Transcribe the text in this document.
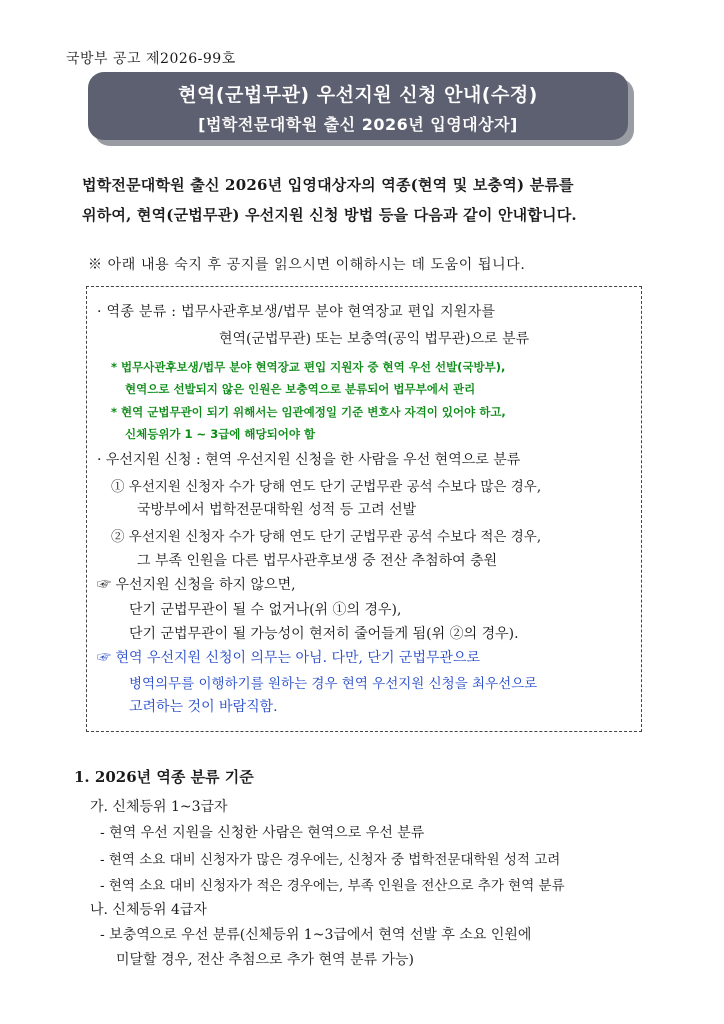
국방부 공고 제2026-99호
현역(군법무관) 우선지원 신청 안내(수정)
[법학전문대학원 출신 2026년 입영대상자]
법학전문대학원 출신 2026년 입영대상자의 역종(현역 및 보충역) 분류를
위하여, 현역(군법무관) 우선지원 신청 방법 등을 다음과 같이 안내합니다.
※ 아래 내용 숙지 후 공지를 읽으시면 이해하시는 데 도움이 됩니다.
· 역종 분류 : 법무사관후보생/법무 분야 현역장교 편입 지원자를
현역(군법무관) 또는 보충역(공익 법무관)으로 분류
* 법무사관후보생/법무 분야 현역장교 편입 지원자 중 현역 우선 선발(국방부),
현역으로 선발되지 않은 인원은 보충역으로 분류되어 법무부에서 관리
* 현역 군법무관이 되기 위해서는 임관예정일 기준 변호사 자격이 있어야 하고,
신체등위가 1 ~ 3급에 해당되어야 함
· 우선지원 신청 : 현역 우선지원 신청을 한 사람을 우선 현역으로 분류
① 우선지원 신청자 수가 당해 연도 단기 군법무관 공석 수보다 많은 경우,
국방부에서 법학전문대학원 성적 등 고려 선발
② 우선지원 신청자 수가 당해 연도 단기 군법무관 공석 수보다 적은 경우,
그 부족 인원을 다른 법무사관후보생 중 전산 추첨하여 충원
☞ 우선지원 신청을 하지 않으면,
단기 군법무관이 될 수 없거나(위 ①의 경우),
단기 군법무관이 될 가능성이 현저히 줄어들게 됨(위 ②의 경우).
☞ 현역 우선지원 신청이 의무는 아님. 다만, 단기 군법무관으로
병역의무를 이행하기를 원하는 경우 현역 우선지원 신청을 최우선으로
고려하는 것이 바람직함.
1. 2026년 역종 분류 기준
가. 신체등위 1~3급자
- 현역 우선 지원을 신청한 사람은 현역으로 우선 분류
- 현역 소요 대비 신청자가 많은 경우에는, 신청자 중 법학전문대학원 성적 고려
- 현역 소요 대비 신청자가 적은 경우에는, 부족 인원을 전산으로 추가 현역 분류
나. 신체등위 4급자
- 보충역으로 우선 분류(신체등위 1~3급에서 현역 선발 후 소요 인원에
미달할 경우, 전산 추첨으로 추가 현역 분류 가능)
